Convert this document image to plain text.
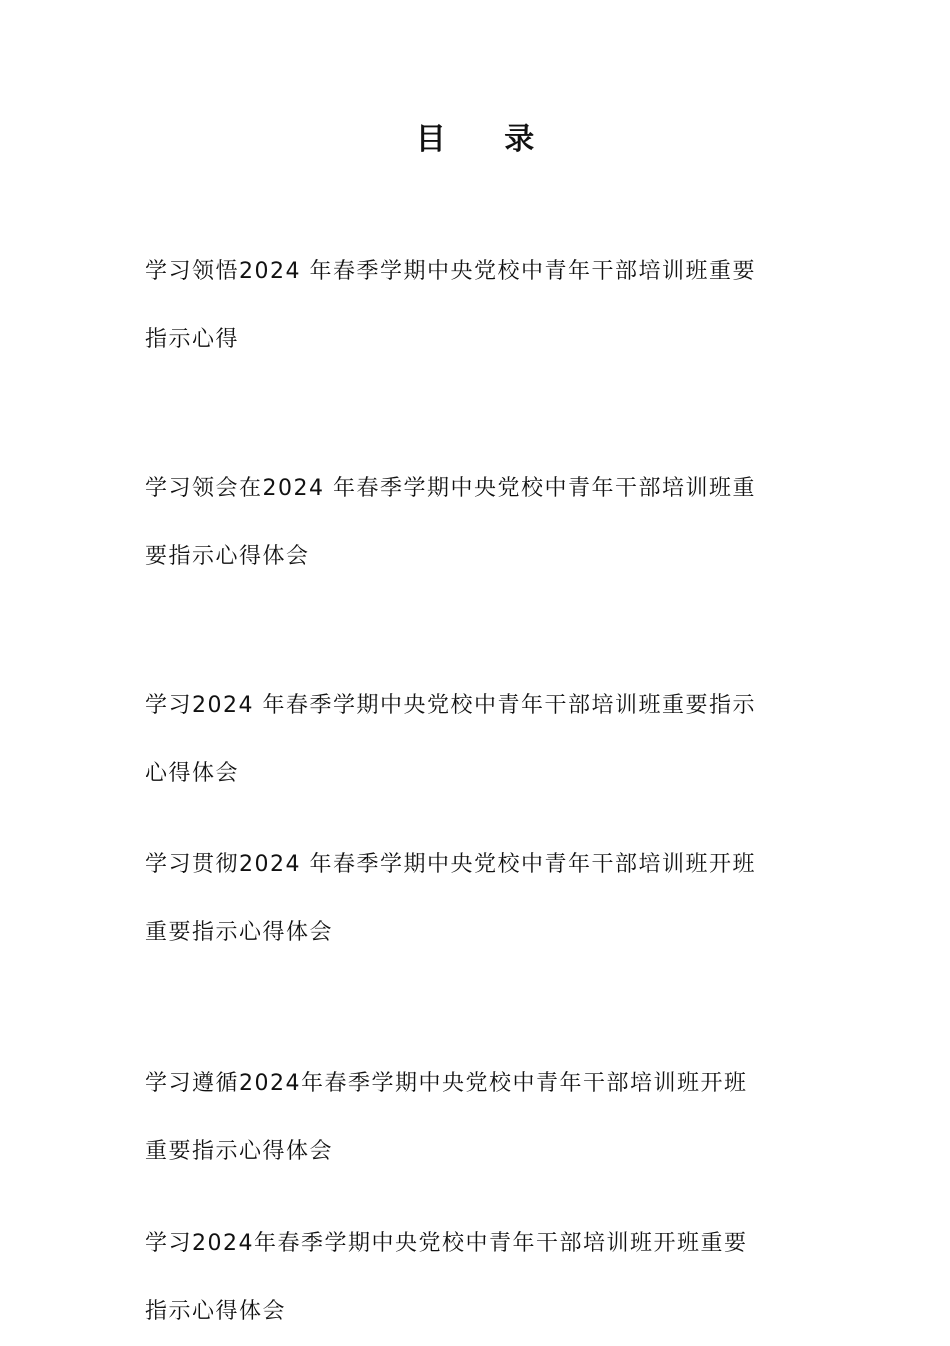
目 录
学习领悟2024 年春季学期中央党校中青年干部培训班重要
指示心得
学习领会在2024 年春季学期中央党校中青年干部培训班重
要指示心得体会
学习2024 年春季学期中央党校中青年干部培训班重要指示
心得体会
学习贯彻2024 年春季学期中央党校中青年干部培训班开班
重要指示心得体会
学习遵循2024年春季学期中央党校中青年干部培训班开班
重要指示心得体会
学习2024年春季学期中央党校中青年干部培训班开班重要
指示心得体会
